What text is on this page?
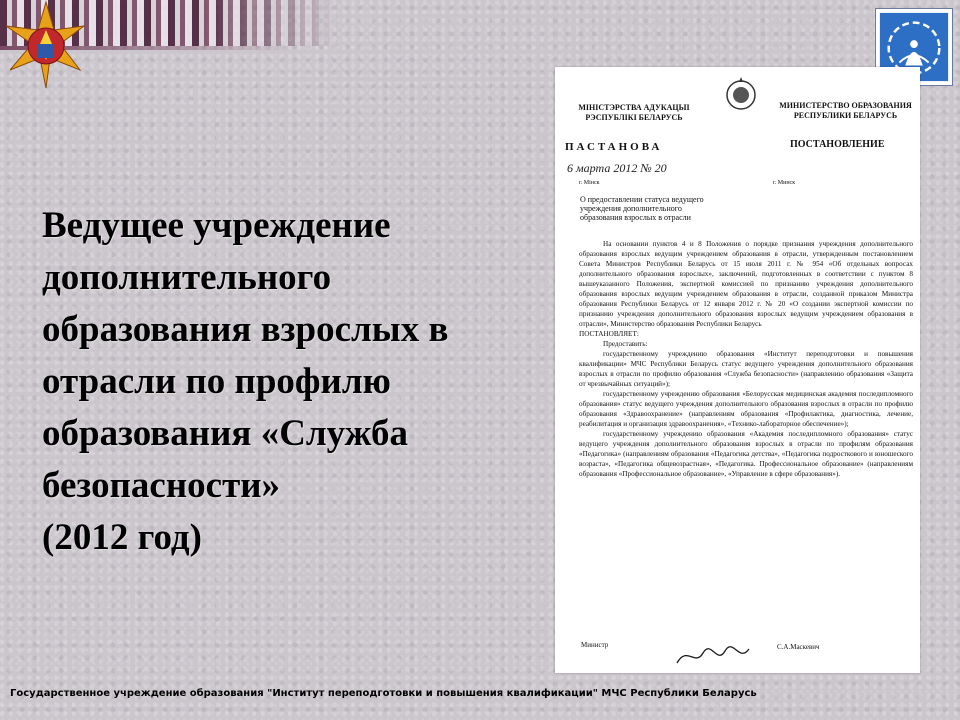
Ведущее учреждение
дополнительного
образования взрослых в
отрасли по профилю
образования «Служба
безопасности»
(2012 год)
МІНІСТЭРСТВА АДУКАЦЫІ
РЭСПУБЛІКІ БЕЛАРУСЬ
МИНИСТЕРСТВО ОБРАЗОВАНИЯ
РЕСПУБЛИКИ БЕЛАРУСЬ
ПАСТАНОВА	ПОСТАНОВЛЕНИЕ
6 марта 2012 № 20
г. Мінск	г. Минск
О предоставлении статуса ведущего
учреждения дополнительного
образования взрослых в отрасли

На основании пунктов 4 и 8 Положения о порядке признания учреждения дополнительного образования взрослых ведущим учреждением образования в отрасли, утвержденным постановлением Совета Министров Республики Беларусь от 15 июля 2011 г. № 954 «Об отдельных вопросах дополнительного образования взрослых», заключений, подготовленных в соответствии с пунктом 8 вышеуказанного Положения, экспертной комиссией по признанию учреждения дополнительного образования взрослых ведущим учреждением образования в отрасли, созданной приказом Министра образования Республики Беларусь от 12 января 2012 г. № 20 «О создании экспертной комиссии по признанию учреждения дополнительного образования взрослых ведущим учреждением образования в отрасли», Министерство образования Республики Беларусь

ПОСТАНОВЛЯЕТ:

Предоставить:

государственному учреждению образования «Институт переподготовки и повышения квалификации» МЧС Республики Беларусь статус ведущего учреждения дополнительного образования взрослых в отрасли по профилю образования «Служба безопасности» (направлению образования «Защита от чрезвычайных ситуаций»);

государственному учреждению образования «Белорусская медицинская академия последипломного образования» статус ведущего учреждения дополнительного образования взрослых в отрасли по профилю образования «Здравоохранение» (направлениям образования «Профилактика, диагностика, лечение, реабилитация и организация здравоохранения», «Технико-лабораторное обеспечение»);

государственному учреждению образования «Академия последипломного образования» статус ведущего учреждения дополнительного образования взрослых в отрасли по профилям образования «Педагогика» (направлениям образования «Педагогика детства», «Педагогика подросткового и юношеского возраста», «Педагогика общевозрастная», «Педагогика. Профессиональное образование» (направлениям образования «Профессиональное образование», «Управление в сфере образования»).

Министр	С.А.Маскевич
Государственное учреждение образования "Институт переподготовки и повышения квалификации" МЧС Республики Беларусь
